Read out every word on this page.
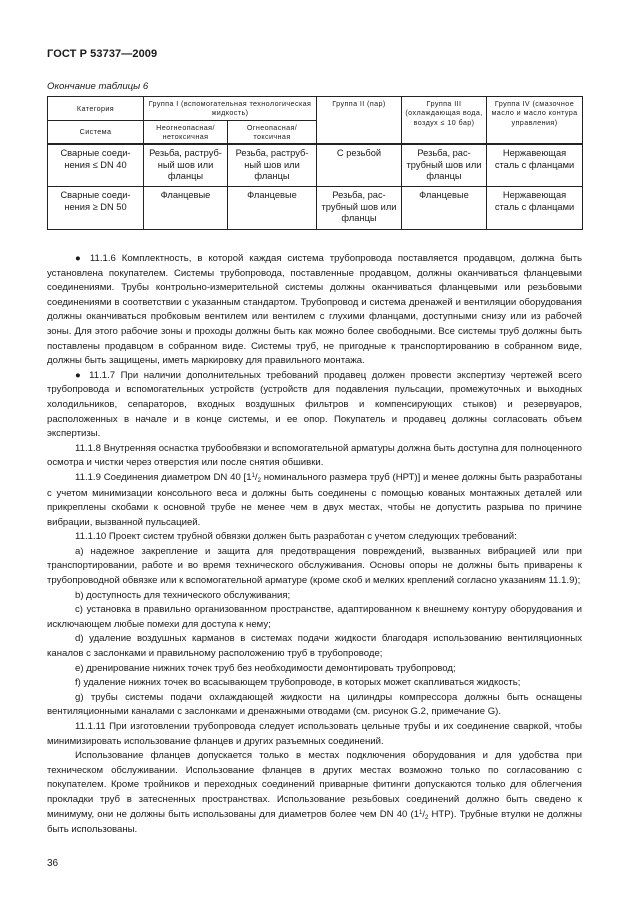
ГОСТ Р 53737—2009
Окончание таблицы 6
Категория	Группа I (вспомогательная технологическая жидкость)		Группа II (пар)	Группа III (охлаждающая вода, воздух ≤ 10 бар)	Группа IV (смазочное масло и масло контура управления)
Система	Неогнеопасная/ нетоксичная	Огнеопасная/ токсичная			
Сварные соеди- нения ≤ DN 40	Резьба, раструб- ный шов или фланцы	Резьба, раструб- ный шов или фланцы	С резьбой	Резьба, рас- трубный шов или фланцы	Нержавеющая сталь с фланцами
Сварные соеди- нения ≥ DN 50	Фланцевые	Фланцевые	Резьба, рас- трубный шов или фланцы	Фланцевые	Нержавеющая сталь с фланцами

● 11.1.6 Комплектность, в которой каждая система трубопровода поставляется продавцом, должна быть установлена покупателем. Системы трубопровода, поставленные продавцом, должны оканчиваться фланцевыми соединениями. Трубы контрольно-измерительной системы должны оканчиваться фланцевыми или резьбовыми соединениями в соответствии с указанным стандартом. Трубопровод и система дренажей и вентиляции оборудования должны оканчиваться пробковым вентилем или вентилем с глухими фланцами, доступными снизу или из рабочей зоны. Для этого рабочие зоны и проходы должны быть как можно более свободными. Все системы труб должны быть поставлены продавцом в собранном виде. Системы труб, не пригодные к транспортированию в собранном виде, должны быть защищены, иметь маркировку для правильного монтажа.

● 11.1.7 При наличии дополнительных требований продавец должен провести экспертизу чертежей всего трубопровода и вспомогательных устройств (устройств для подавления пульсации, промежуточных и выходных холодильников, сепараторов, входных воздушных фильтров и компенсирующих стыков) и резервуаров, расположенных в начале и в конце системы, и ее опор. Покупатель и продавец должны согласовать объем экспертизы.

11.1.8 Внутренняя оснастка трубообвязки и вспомогательной арматуры должна быть доступна для полноценного осмотра и чистки через отверстия или после снятия обшивки.

11.1.9 Соединения диаметром DN 40 [$1^1/_2$ номинального размера труб (НРТ)] и менее должны быть разработаны с учетом минимизации консольного веса и должны быть соединены с помощью кованых монтажных деталей или прикреплены скобами к основной трубе не менее чем в двух местах, чтобы не допустить разрыва по причине вибрации, вызванной пульсацией.

11.1.10 Проект систем трубной обвязки должен быть разработан с учетом следующих требований:

a) надежное закрепление и защита для предотвращения повреждений, вызванных вибрацией или при транспортировании, работе и во время технического обслуживания. Основы опоры не должны быть приварены к трубопроводной обвязке или к вспомогательной арматуре (кроме скоб и мелких креплений согласно указаниям 11.1.9);

b) доступность для технического обслуживания;

c) установка в правильно организованном пространстве, адаптированном к внешнему контуру оборудования и исключающем любые помехи для доступа к нему;

d) удаление воздушных карманов в системах подачи жидкости благодаря использованию вентиляционных каналов с заслонками и правильному расположению труб в трубопроводе;

e) дренирование нижних точек труб без необходимости демонтировать трубопровод;

f) удаление нижних точек во всасывающем трубопроводе, в которых может скапливаться жидкость;

g) трубы системы подачи охлаждающей жидкости на цилиндры компрессора должны быть оснащены вентиляционными каналами с заслонками и дренажными отводами (см. рисунок G.2, примечание G).

11.1.11 При изготовлении трубопровода следует использовать цельные трубы и их соединение сваркой, чтобы минимизировать использование фланцев и других разъемных соединений.

Использование фланцев допускается только в местах подключения оборудования и для удобства при техническом обслуживании. Использование фланцев в других местах возможно только по согласованию с покупателем. Кроме тройников и переходных соединений приварные фитинги допускаются только для облегчения прокладки труб в затесненных пространствах. Использование резьбовых соединений должно быть сведено к минимуму, они не должны быть использованы для диаметров более чем DN 40 ($1^1/_2$ НТР). Трубные втулки не должны быть использованы.

36
